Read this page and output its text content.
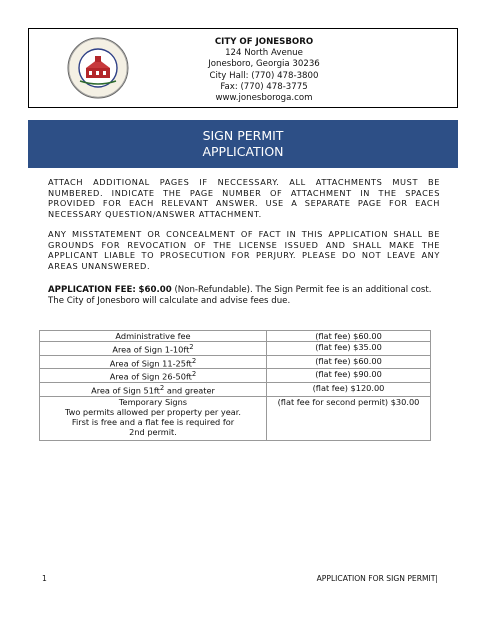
CITY OF JONESBORO
124 North Avenue
Jonesboro, Georgia 30236
City Hall: (770) 478-3800
Fax: (770) 478-3775
www.jonesboroga.com
SIGN PERMIT
APPLICATION
ATTACH ADDITIONAL PAGES IF NECCESSARY. ALL ATTACHMENTS MUST BE NUMBERED. INDICATE THE PAGE NUMBER OF ATTACHMENT IN THE SPACES PROVIDED FOR EACH RELEVANT ANSWER. USE A SEPARATE PAGE FOR EACH NECESSARY QUESTION/ANSWER ATTACHMENT.
ANY MISSTATEMENT OR CONCEALMENT OF FACT IN THIS APPLICATION SHALL BE GROUNDS FOR REVOCATION OF THE LICENSE ISSUED AND SHALL MAKE THE APPLICANT LIABLE TO PROSECUTION FOR PERJURY. PLEASE DO NOT LEAVE ANY AREAS UNANSWERED.
APPLICATION FEE: $60.00 (Non-Refundable). The Sign Permit fee is an additional cost.
The City of Jonesboro will calculate and advise fees due.
Administrative fee	(flat fee) $60.00
Area of Sign $1-10ft^2$	(flat fee) $35.00
Area of Sign $11-25ft^2$	(flat fee) $60.00
Area of Sign $26-50ft^2$	(flat fee) $90.00
Area of Sign $51ft^2$ and greater	(flat fee) $120.00

Temporary Signs
Two permits allowed per property per year.
First is free and a flat fee is required for
2nd permit.	(flat fee for second permit) $30.00
1	APPLICATION FOR SIGN PERMIT|
